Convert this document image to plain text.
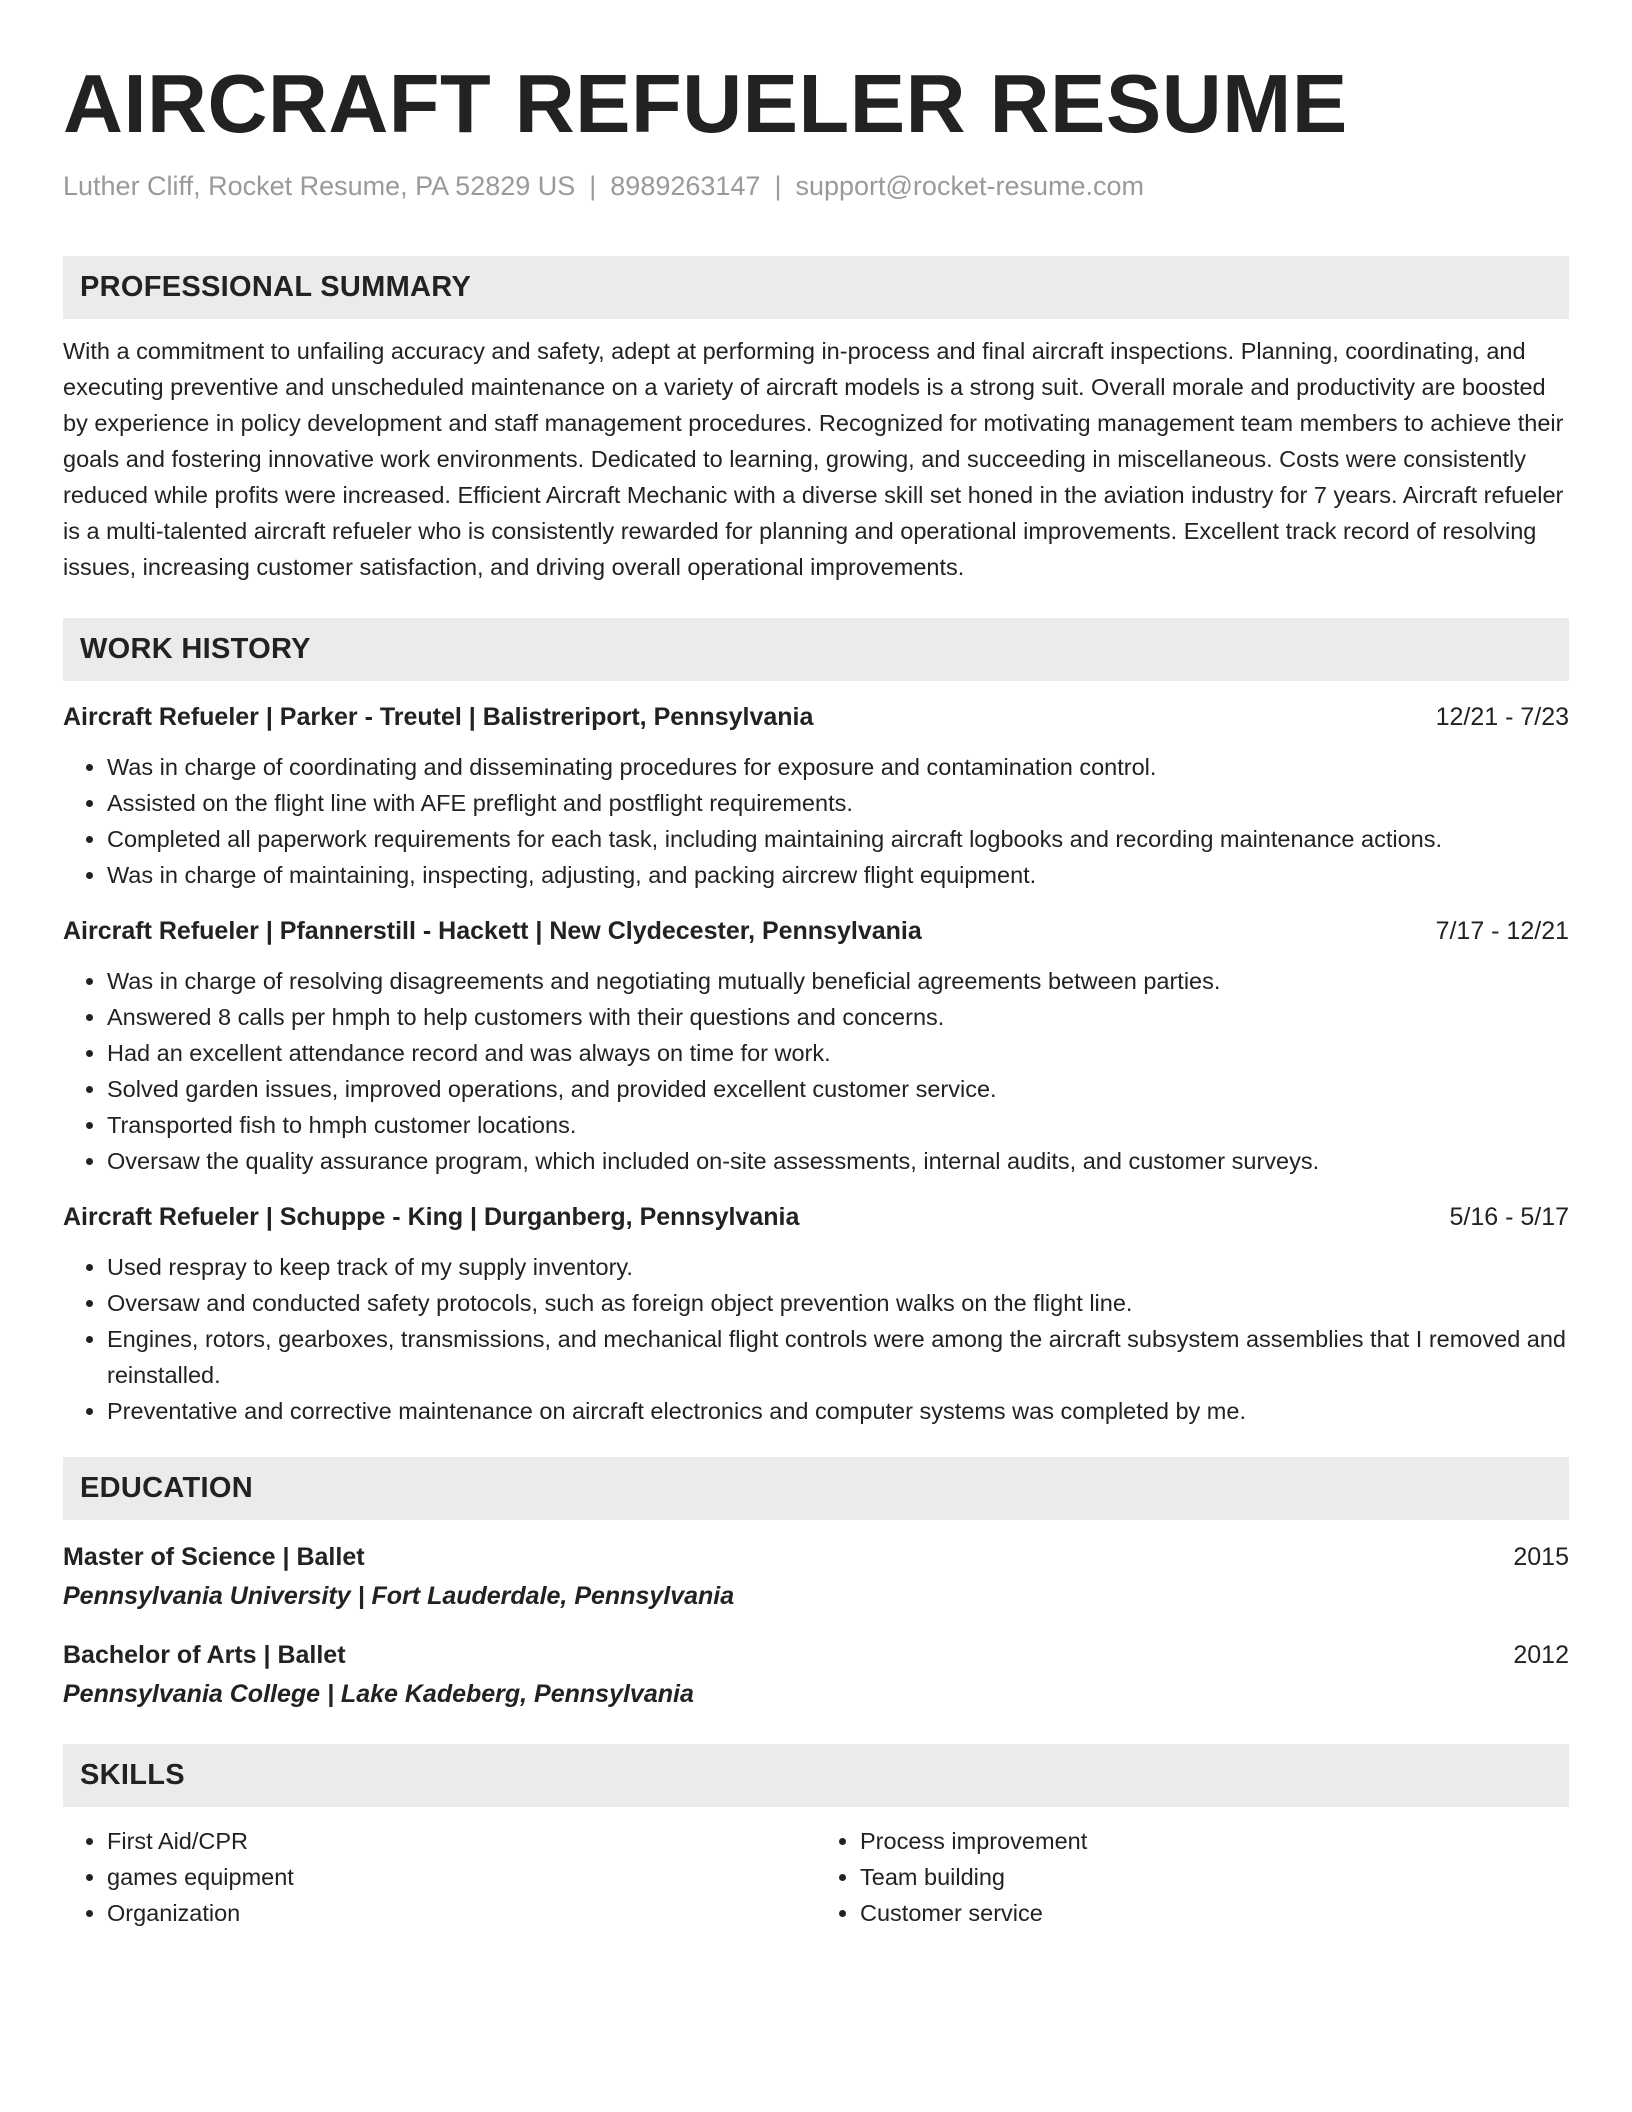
AIRCRAFT REFUELER RESUME
Luther Cliff, Rocket Resume, PA 52829 US | 8989263147 | support@rocket-resume.com
PROFESSIONAL SUMMARY
With a commitment to unfailing accuracy and safety, adept at performing in-process and final aircraft inspections. Planning, coordinating, and executing preventive and unscheduled maintenance on a variety of aircraft models is a strong suit. Overall morale and productivity are boosted by experience in policy development and staff management procedures. Recognized for motivating management team members to achieve their goals and fostering innovative work environments. Dedicated to learning, growing, and succeeding in miscellaneous. Costs were consistently reduced while profits were increased. Efficient Aircraft Mechanic with a diverse skill set honed in the aviation industry for 7 years. Aircraft refueler is a multi-talented aircraft refueler who is consistently rewarded for planning and operational improvements. Excellent track record of resolving issues, increasing customer satisfaction, and driving overall operational improvements.
WORK HISTORY
Aircraft Refueler | Parker - Treutel | Balistreriport, Pennsylvania	12/21 - 7/23
• Was in charge of coordinating and disseminating procedures for exposure and contamination control.
• Assisted on the flight line with AFE preflight and postflight requirements.
• Completed all paperwork requirements for each task, including maintaining aircraft logbooks and recording maintenance actions.
• Was in charge of maintaining, inspecting, adjusting, and packing aircrew flight equipment.
Aircraft Refueler | Pfannerstill - Hackett | New Clydecester, Pennsylvania	7/17 - 12/21
• Was in charge of resolving disagreements and negotiating mutually beneficial agreements between parties.
• Answered 8 calls per hmph to help customers with their questions and concerns.
• Had an excellent attendance record and was always on time for work.
• Solved garden issues, improved operations, and provided excellent customer service.
• Transported fish to hmph customer locations.
• Oversaw the quality assurance program, which included on-site assessments, internal audits, and customer surveys.
Aircraft Refueler | Schuppe - King | Durganberg, Pennsylvania	5/16 - 5/17
• Used respray to keep track of my supply inventory.
• Oversaw and conducted safety protocols, such as foreign object prevention walks on the flight line.
• Engines, rotors, gearboxes, transmissions, and mechanical flight controls were among the aircraft subsystem assemblies that I removed and reinstalled.
• Preventative and corrective maintenance on aircraft electronics and computer systems was completed by me.
EDUCATION
Master of Science | Ballet	2015
Pennsylvania University | Fort Lauderdale, Pennsylvania
Bachelor of Arts | Ballet	2012
Pennsylvania College | Lake Kadeberg, Pennsylvania
SKILLS
• First Aid/CPR
• games equipment
• Organization
• Process improvement
• Team building
• Customer service
